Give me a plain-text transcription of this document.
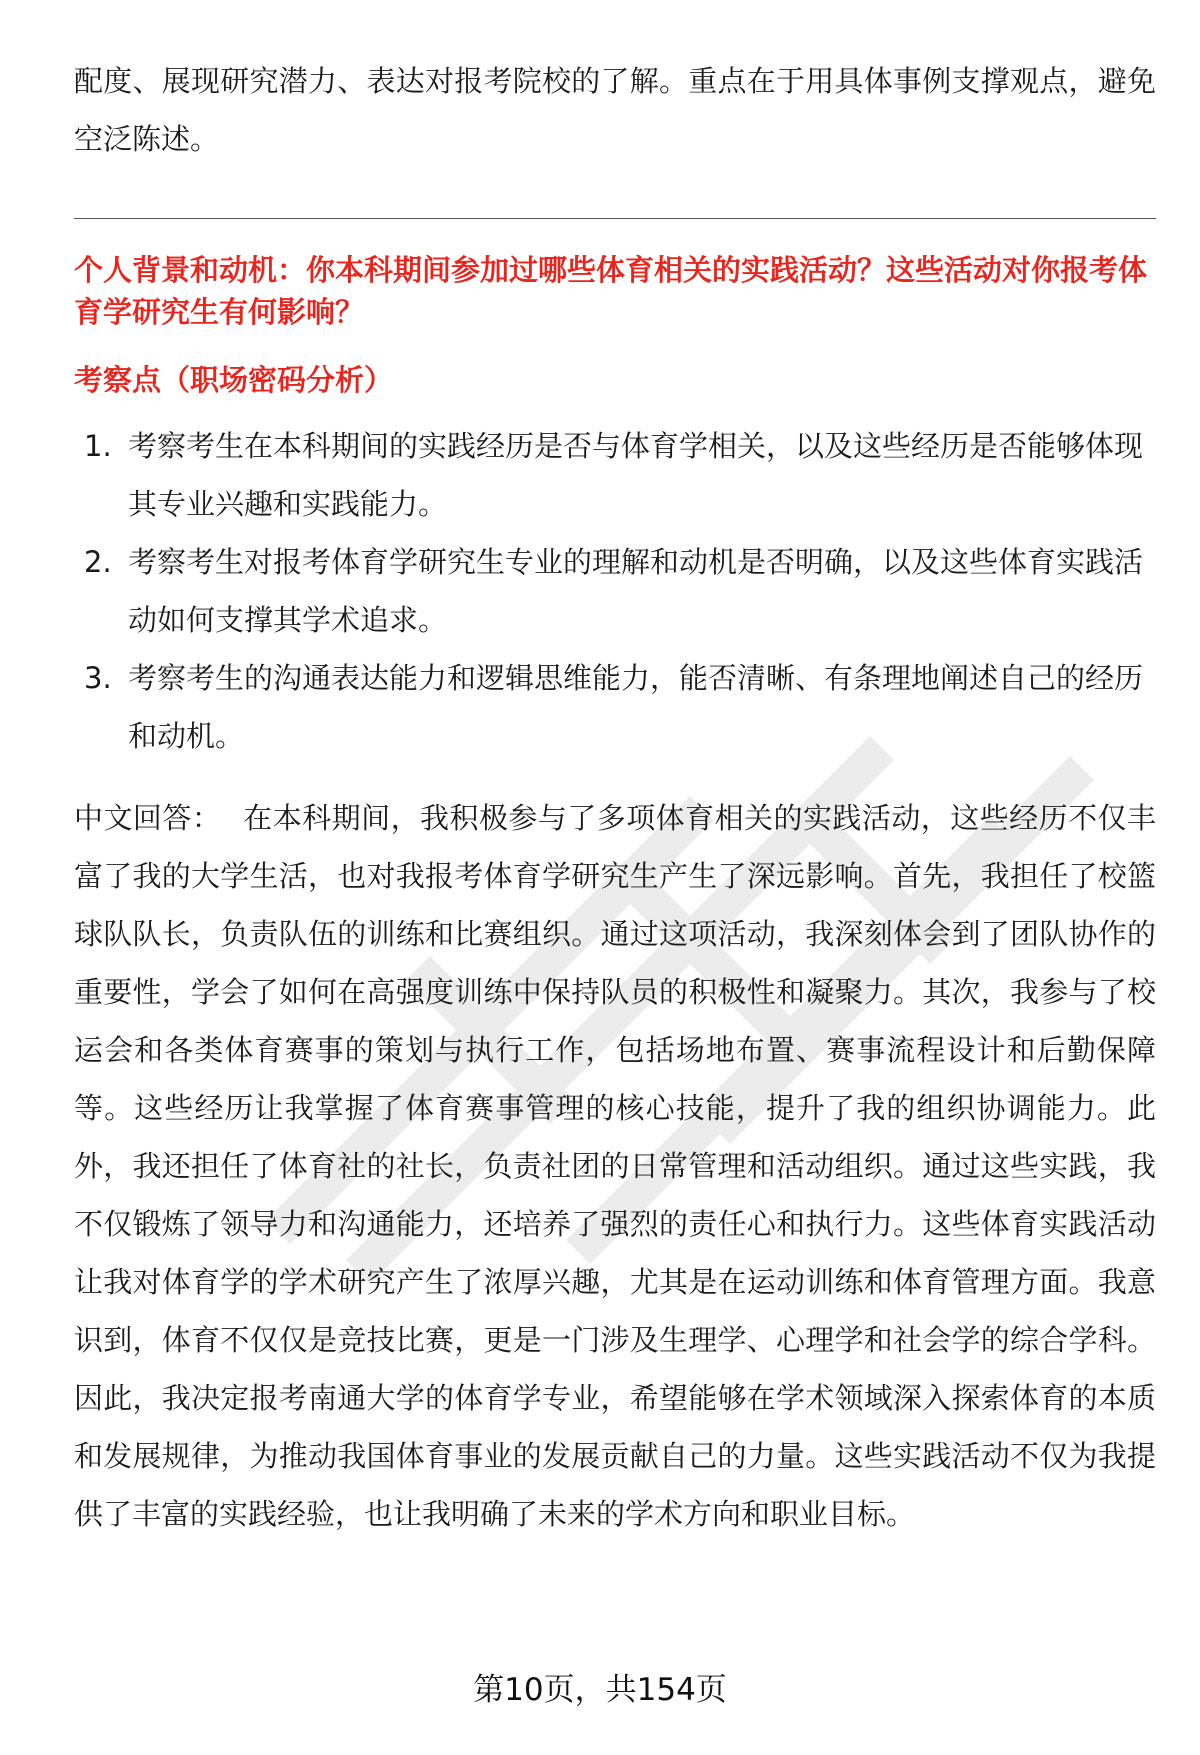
配度、展现研究潜力、表达对报考院校的了解。重点在于用具体事例支撑观点，避免空泛陈述。

个人背景和动机：你本科期间参加过哪些体育相关的实践活动？这些活动对你报考体育学研究生有何影响？

考察点（职场密码分析）

1. 考察考生在本科期间的实践经历是否与体育学相关，以及这些经历是否能够体现其专业兴趣和实践能力。
2. 考察考生对报考体育学研究生专业的理解和动机是否明确，以及这些体育实践活动如何支撑其学术追求。
3. 考察考生的沟通表达能力和逻辑思维能力，能否清晰、有条理地阐述自己的经历和动机。

中文回答： 在本科期间，我积极参与了多项体育相关的实践活动，这些经历不仅丰富了我的大学生活，也对我报考体育学研究生产生了深远影响。首先，我担任了校篮球队队长，负责队伍的训练和比赛组织。通过这项活动，我深刻体会到了团队协作的重要性，学会了如何在高强度训练中保持队员的积极性和凝聚力。其次，我参与了校运会和各类体育赛事的策划与执行工作，包括场地布置、赛事流程设计和后勤保障等。这些经历让我掌握了体育赛事管理的核心技能，提升了我的组织协调能力。此外，我还担任了体育社的社长，负责社团的日常管理和活动组织。通过这些实践，我不仅锻炼了领导力和沟通能力，还培养了强烈的责任心和执行力。这些体育实践活动让我对体育学的学术研究产生了浓厚兴趣，尤其是在运动训练和体育管理方面。我意识到，体育不仅仅是竞技比赛，更是一门涉及生理学、心理学和社会学的综合学科。因此，我决定报考南通大学的体育学专业，希望能够在学术领域深入探索体育的本质和发展规律，为推动我国体育事业的发展贡献自己的力量。这些实践活动不仅为我提供了丰富的实践经验，也让我明确了未来的学术方向和职业目标。

第10页，共154页
